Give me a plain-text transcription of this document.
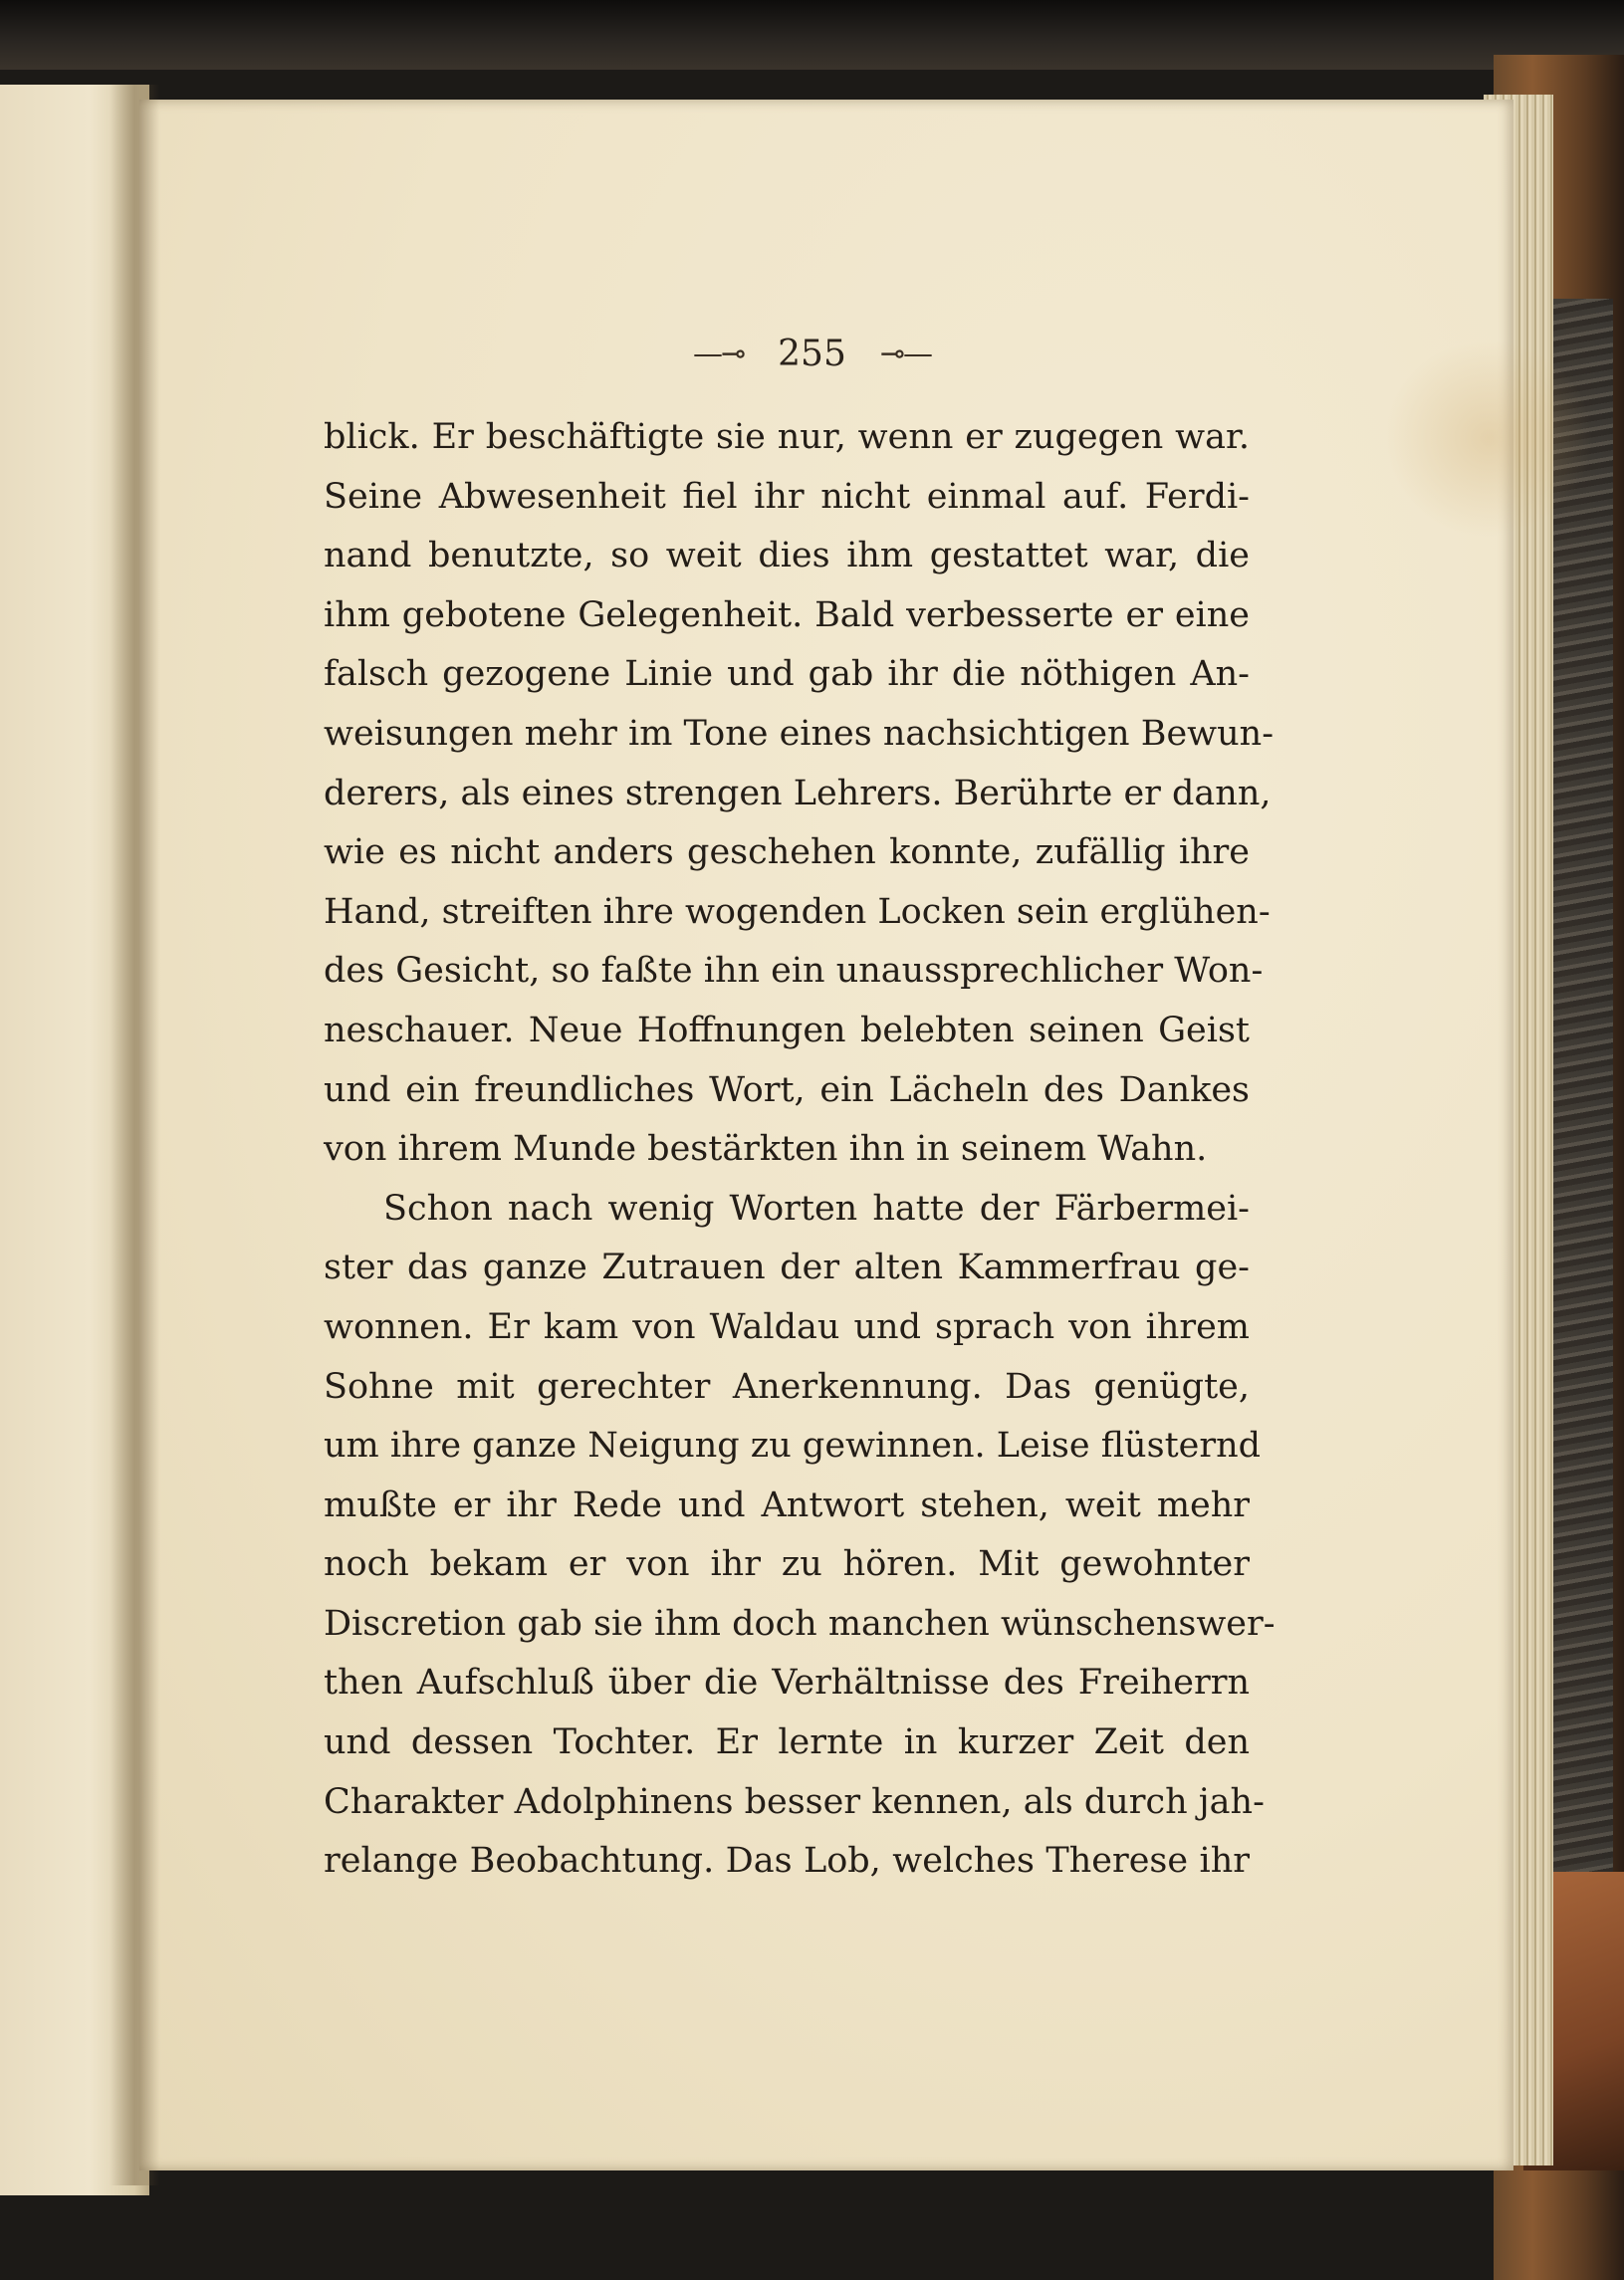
—⊸ 255 ⊸—
blick. Er beschäftigte sie nur, wenn er zugegen war.
Seine Abwesenheit fiel ihr nicht einmal auf. Ferdi-
nand benutzte, so weit dies ihm gestattet war, die
ihm gebotene Gelegenheit. Bald verbesserte er eine
falsch gezogene Linie und gab ihr die nöthigen An-
weisungen mehr im Tone eines nachsichtigen Bewun-
derers, als eines strengen Lehrers. Berührte er dann,
wie es nicht anders geschehen konnte, zufällig ihre
Hand, streiften ihre wogenden Locken sein erglühen-
des Gesicht, so faßte ihn ein unaussprechlicher Won-
neschauer. Neue Hoffnungen belebten seinen Geist
und ein freundliches Wort, ein Lächeln des Dankes
von ihrem Munde bestärkten ihn in seinem Wahn.
Schon nach wenig Worten hatte der Färbermei-
ster das ganze Zutrauen der alten Kammerfrau ge-
wonnen. Er kam von Waldau und sprach von ihrem
Sohne mit gerechter Anerkennung. Das genügte,
um ihre ganze Neigung zu gewinnen. Leise flüsternd
mußte er ihr Rede und Antwort stehen, weit mehr
noch bekam er von ihr zu hören. Mit gewohnter
Discretion gab sie ihm doch manchen wünschenswer-
then Aufschluß über die Verhältnisse des Freiherrn
und dessen Tochter. Er lernte in kurzer Zeit den
Charakter Adolphinens besser kennen, als durch jah-
relange Beobachtung. Das Lob, welches Therese ihr
